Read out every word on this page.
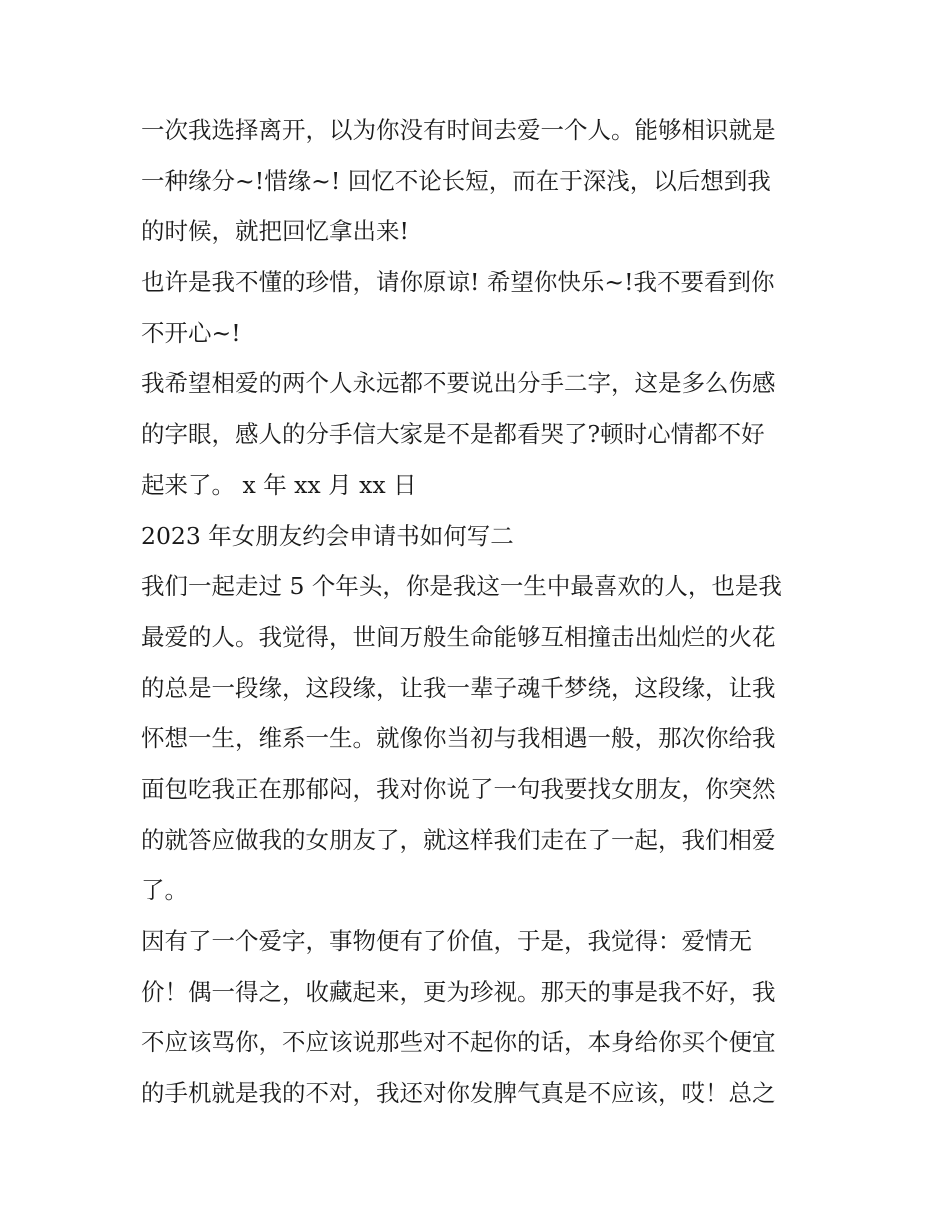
一次我选择离开，以为你没有时间去爱一个人。能够相识就是
一种缘分~!惜缘~! 回忆不论长短，而在于深浅，以后想到我
的时候，就把回忆拿出来!
也许是我不懂的珍惜，请你原谅! 希望你快乐~!我不要看到你
不开心~!
我希望相爱的两个人永远都不要说出分手二字，这是多么伤感
的字眼，感人的分手信大家是不是都看哭了?顿时心情都不好
起来了。 x 年 xx 月 xx 日
2023 年女朋友约会申请书如何写二
我们一起走过 5 个年头，你是我这一生中最喜欢的人，也是我
最爱的人。我觉得，世间万般生命能够互相撞击出灿烂的火花
的总是一段缘，这段缘，让我一辈子魂千梦绕，这段缘，让我
怀想一生，维系一生。就像你当初与我相遇一般，那次你给我
面包吃我正在那郁闷，我对你说了一句我要找女朋友，你突然
的就答应做我的女朋友了，就这样我们走在了一起，我们相爱
了。
因有了一个爱字，事物便有了价值，于是，我觉得：爱情无
价！偶一得之，收藏起来，更为珍视。那天的事是我不好，我
不应该骂你，不应该说那些对不起你的话，本身给你买个便宜
的手机就是我的不对，我还对你发脾气真是不应该，哎！总之
